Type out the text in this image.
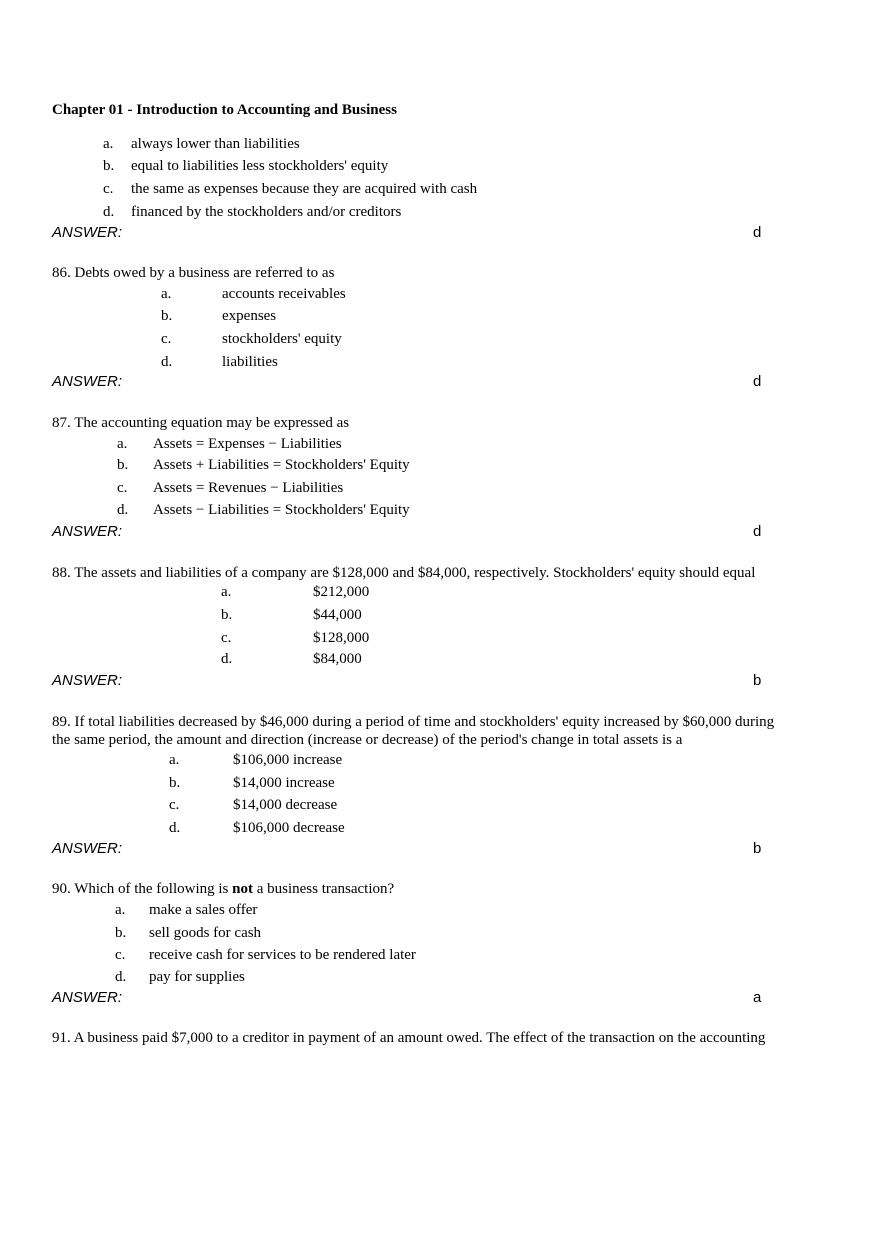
Chapter 01 - Introduction to Accounting and Business
a. always lower than liabilities
b. equal to liabilities less stockholders' equity
c. the same as expenses because they are acquired with cash
d. financed by the stockholders and/or creditors
ANSWER:	d
86. Debts owed by a business are referred to as
a.	accounts receivables
b.	expenses
c.	stockholders' equity
d.	liabilities
ANSWER:	d
87. The accounting equation may be expressed as
a. Assets = Expenses − Liabilities
b. Assets + Liabilities = Stockholders' Equity
c. Assets = Revenues − Liabilities
d. Assets − Liabilities = Stockholders' Equity
ANSWER:	d
88. The assets and liabilities of a company are $128,000 and $84,000, respectively. Stockholders' equity should equal
a.	$212,000
b.	$44,000
c.	$128,000
d.	$84,000
ANSWER:	b
89. If total liabilities decreased by $46,000 during a period of time and stockholders' equity increased by $60,000 during
the same period, the amount and direction (increase or decrease) of the period's change in total assets is a
a.	$106,000 increase
b.	$14,000 increase
c.	$14,000 decrease
d.	$106,000 decrease
ANSWER:	b
90. Which of the following is not a business transaction?
a. make a sales offer
b. sell goods for cash
c. receive cash for services to be rendered later
d. pay for supplies
ANSWER:	a
91. A business paid $7,000 to a creditor in payment of an amount owed. The effect of the transaction on the accounting
